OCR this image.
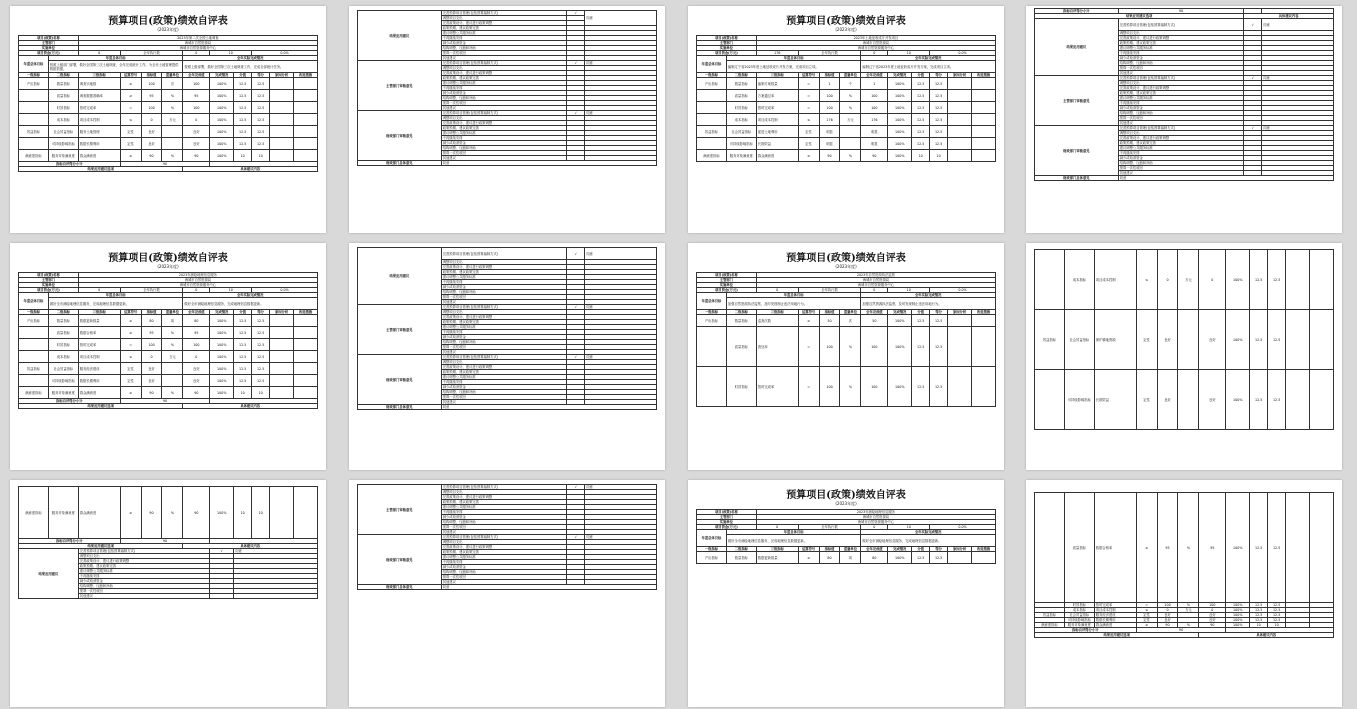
预算项目(政策)绩效自评表
(2023年度)
项目(政策)名称		2023年第二次全国土地调查									
主管部门		海城市自然资源局									
实施单位		海城市自然资源服务中心									
项目资金(万元)		0	全年执行数			0	10		0.0%		
年度总体目标	年度总体目标					全年实际完成情况					
	按照上级部门部署，做好全国第三次土地调查，全年完成统计工作，为全市土地管理提供数据依据。					按照上级部署，做好全国第三次土地调查工作，完成全部统计任务。					
一级指标	二级指标	三级指标	运算符号	指标值	度量单位	全年完成值	完成情况	分值	得分	原因分析	改进措施
产出指标	数量指标	调查宗地数	≥	100	宗	100	100%	12.5	12.5		
	质量指标	调查数据准确率	≥	95	%	95	100%	12.5	12.5		
	时效指标	按时完成率	=	100	%	100	100%	12.5	12.5		
	成本指标	项目成本控制	≤	0	万元	0	100%	12.5	12.5		
效益指标	社会效益指标	服务土地管理	定性	良好		良好	100%	12.5	12.5		
	可持续影响指标	数据长期利用	定性	良好		良好	100%	12.5	12.5		
满意度指标	服务对象满意度	群众满意度	≥	90	%	90	100%	10	10		
指标自评得分小计			90								
结果应用建议选项						具体建议内容					
结果应用建议	完善预算项目管理(包括预算编制方式)	√	同意
	调整项目支出		
	完善政策设计、建议进行政策调整		
	政策预期、建议政策完善		
	建议调整公共服务标准		
	不再继续安排		
	减少或取消资金		
	结构调整、压缩和补助		
	预算一次性收回		
	其他建议		
主管部门审核意见	完善预算项目管理(包括预算编制方式)	√	同意
	调整项目支出		
	完善政策设计、建议进行政策调整		
	政策预期、建议政策完善		
	建议调整公共服务标准		
	不再继续安排		
	减少或取消资金		
	结构调整、压缩和补助		
	预算一次性收回		
	其他建议		
财政部门审核意见	完善预算项目管理(包括预算编制方式)	√	同意
	调整项目支出		
	完善政策设计、建议进行政策调整		
	政策预期、建议政策完善		
	建议调整公共服务标准		
	不再继续安排		
	减少或取消资金		
	结构调整、压缩和补助		
	预算一次性收回		
	其他建议		
财政部门总体意见	同意		
预算项目(政策)绩效自评表
(2023年度)
项目(政策)名称		2023年土地征收成片开发项目									
主管部门		海城市自然资源局									
实施单位		海城市自然资源服务中心									
项目资金(万元)		176	全年执行数			0	10		0.0%		
年度总体目标	年度总体目标					全年实际完成情况					
	编制辽宁省2023年度土地征收成片开发方案，完成项目立项。					编制辽宁省2023年度土地征收成片开发方案，完成项目立项。					
一级指标	二级指标	三级指标	运算符号	指标值	度量单位	全年完成值	完成情况	分值	得分	原因分析	改进措施
产出指标	数量指标	编制方案数量	=	1	个	1	100%	12.5	12.5		
	质量指标	方案通过率	=	100	%	100	100%	12.5	12.5		
	时效指标	按时完成率	=	100	%	100	100%	12.5	12.5		
	成本指标	项目成本控制	≤	176	万元	176	100%	12.5	12.5		
效益指标	社会效益指标	促进土地利用	定性	明显		明显	100%	12.5	12.5		
	可持续影响指标	长期效益	定性	明显		明显	100%	12.5	12.5		
满意度指标	服务对象满意度	群众满意度	≥	90	%	90	100%	10	10		
指标自评得分小计	90		
结果应用建议选项		具体建议内容	
结果应用建议	完善预算项目管理(包括预算编制方式)	√	同意
	调整项目支出		
	完善政策设计、建议进行政策调整		
	政策预期、建议政策完善		
	建议调整公共服务标准		
	不再继续安排		
	减少或取消资金		
	结构调整、压缩和补助		
	预算一次性收回		
	其他建议		
主管部门审核意见	完善预算项目管理(包括预算编制方式)	√	同意
	调整项目支出		
	完善政策设计、建议进行政策调整		
	政策预期、建议政策完善		
	建议调整公共服务标准		
	不再继续安排		
	减少或取消资金		
	结构调整、压缩和补助		
	预算一次性收回		
	其他建议		
财政部门审核意见	完善预算项目管理(包括预算编制方式)	√	同意
	调整项目支出		
	完善政策设计、建议进行政策调整		
	政策预期、建议政策完善		
	建议调整公共服务标准		
	不再继续安排		
	减少或取消资金		
	结构调整、压缩和补助		
	预算一次性收回		
	其他建议		
财政部门总体意见	同意		
预算项目(政策)绩效自评表
(2023年度)
项目(政策)名称		2023年测绘地理信息服务									
主管部门		海城市自然资源局									
实施单位		海城市自然资源服务中心									
项目资金(万元)		0	全年执行数			0	10		0.0%		
年度总体目标	年度总体目标					全年实际完成情况					
	做好全市测绘地理信息服务，完成地理信息数据更新。					做好全市测绘地理信息服务，完成地理信息数据更新。					
一级指标	二级指标	三级指标	运算符号	指标值	度量单位	全年完成值	完成情况	分值	得分	原因分析	改进措施
产出指标	数量指标	数据更新数量	≥	80	项	80	100%	12.5	12.5		
	质量指标	数据合格率	≥	95	%	95	100%	12.5	12.5		
	时效指标	按时完成率	=	100	%	100	100%	12.5	12.5		
	成本指标	项目成本控制	≤	0	万元	0	100%	12.5	12.5		
效益指标	社会效益指标	服务经济建设	定性	良好		良好	100%	12.5	12.5		
	可持续影响指标	数据长期利用	定性	良好		良好	100%	12.5	12.5		
满意度指标	服务对象满意度	群众满意度	≥	90	%	90	100%	10	10		
指标自评得分小计			90								
结果应用建议选项						具体建议内容					
结果应用建议	完善预算项目管理(包括预算编制方式)	√	同意
	调整项目支出		
	完善政策设计、建议进行政策调整		
	政策预期、建议政策完善		
	建议调整公共服务标准		
	不再继续安排		
	减少或取消资金		
	结构调整、压缩和补助		
	预算一次性收回		
	其他建议		
主管部门审核意见	完善预算项目管理(包括预算编制方式)	√	同意
	调整项目支出		
	完善政策设计、建议进行政策调整		
	政策预期、建议政策完善		
	建议调整公共服务标准		
	不再继续安排		
	减少或取消资金		
	结构调整、压缩和补助		
	预算一次性收回		
	其他建议		
财政部门审核意见	完善预算项目管理(包括预算编制方式)	√	同意
	调整项目支出		
	完善政策设计、建议进行政策调整		
	政策预期、建议政策完善		
	建议调整公共服务标准		
	不再继续安排		
	减少或取消资金		
	结构调整、压缩和补助		
	预算一次性收回		
	其他建议		
财政部门总体意见	同意		
预算项目(政策)绩效自评表
(2023年度)
项目(政策)名称		2023年自然资源执法监察									
主管部门		海城市自然资源局									
实施单位		海城市自然资源服务中心									
项目资金(万元)		0	全年执行数			0	10		0.0%		
年度总体目标	年度总体目标					全年实际完成情况					
	加强自然资源执法监察，及时发现制止违法用地行为。					加强自然资源执法监察，及时发现制止违法用地行为。					
一级指标	二级指标	三级指标	运算符号	指标值	度量单位	全年完成值	完成情况	分值	得分	原因分析	改进措施
产出指标	数量指标	巡查次数	≥	50	次	50	100%	12.5	12.5		
	质量指标	查处率	=	100	%	100	100%	12.5	12.5		
	时效指标	按时完成率	=	100	%	100	100%	12.5	12.5		
	成本指标	项目成本控制	≤	0	万元	0	100%	12.5	12.5		
效益指标	社会效益指标	保护耕地资源	定性	良好		良好	100%	12.5	12.5		
	可持续影响指标	长期效益	定性	良好		良好	100%	12.5	12.5		
满意度指标	服务对象满意度	群众满意度	≥	90	%	90	100%	10	10		
指标自评得分小计			90								
结果应用建议选项						具体建议内容					
结果应用建议		完善预算项目管理(包括预算编制方式)					√	同意			
		调整项目支出									
		完善政策设计、建议进行政策调整									
		政策预期、建议政策完善									
		建议调整公共服务标准									
		不再继续安排									
		减少或取消资金									
		结构调整、压缩和补助									
		预算一次性收回									
		其他建议									
主管部门审核意见	完善预算项目管理(包括预算编制方式)	√	同意
	调整项目支出		
	完善政策设计、建议进行政策调整		
	政策预期、建议政策完善		
	建议调整公共服务标准		
	不再继续安排		
	减少或取消资金		
	结构调整、压缩和补助		
	预算一次性收回		
	其他建议		
财政部门审核意见	完善预算项目管理(包括预算编制方式)	√	同意
	调整项目支出		
	完善政策设计、建议进行政策调整		
	政策预期、建议政策完善		
	建议调整公共服务标准		
	不再继续安排		
	减少或取消资金		
	结构调整、压缩和补助		
	预算一次性收回		
	其他建议		
财政部门总体意见	同意		
预算项目(政策)绩效自评表
(2023年度)
项目(政策)名称		2023年测绘地理信息服务									
主管部门		海城市自然资源局									
实施单位		海城市自然资源服务中心									
项目资金(万元)		0	全年执行数			0	10		0.0%		
年度总体目标	年度总体目标					全年实际完成情况					
	做好全市测绘地理信息服务，完成地理信息数据更新。					做好全市测绘地理信息服务，完成地理信息数据更新。					
一级指标	二级指标	三级指标	运算符号	指标值	度量单位	全年完成值	完成情况	分值	得分	原因分析	改进措施
产出指标	数量指标	数据更新数量	≥	80	项	80	100%	12.5	12.5		
	质量指标	数据合格率	≥	95	%	95	100%	12.5	12.5		
	时效指标	按时完成率	=	100	%	100	100%	12.5	12.5		
	成本指标	项目成本控制	≤	0	万元	0	100%	12.5	12.5		
效益指标	社会效益指标	服务经济建设	定性	良好		良好	100%	12.5	12.5		
	可持续影响指标	数据长期利用	定性	良好		良好	100%	12.5	12.5		
满意度指标	服务对象满意度	群众满意度	≥	90	%	90	100%	10	10		
指标自评得分小计			90								
结果应用建议选项						具体建议内容					
